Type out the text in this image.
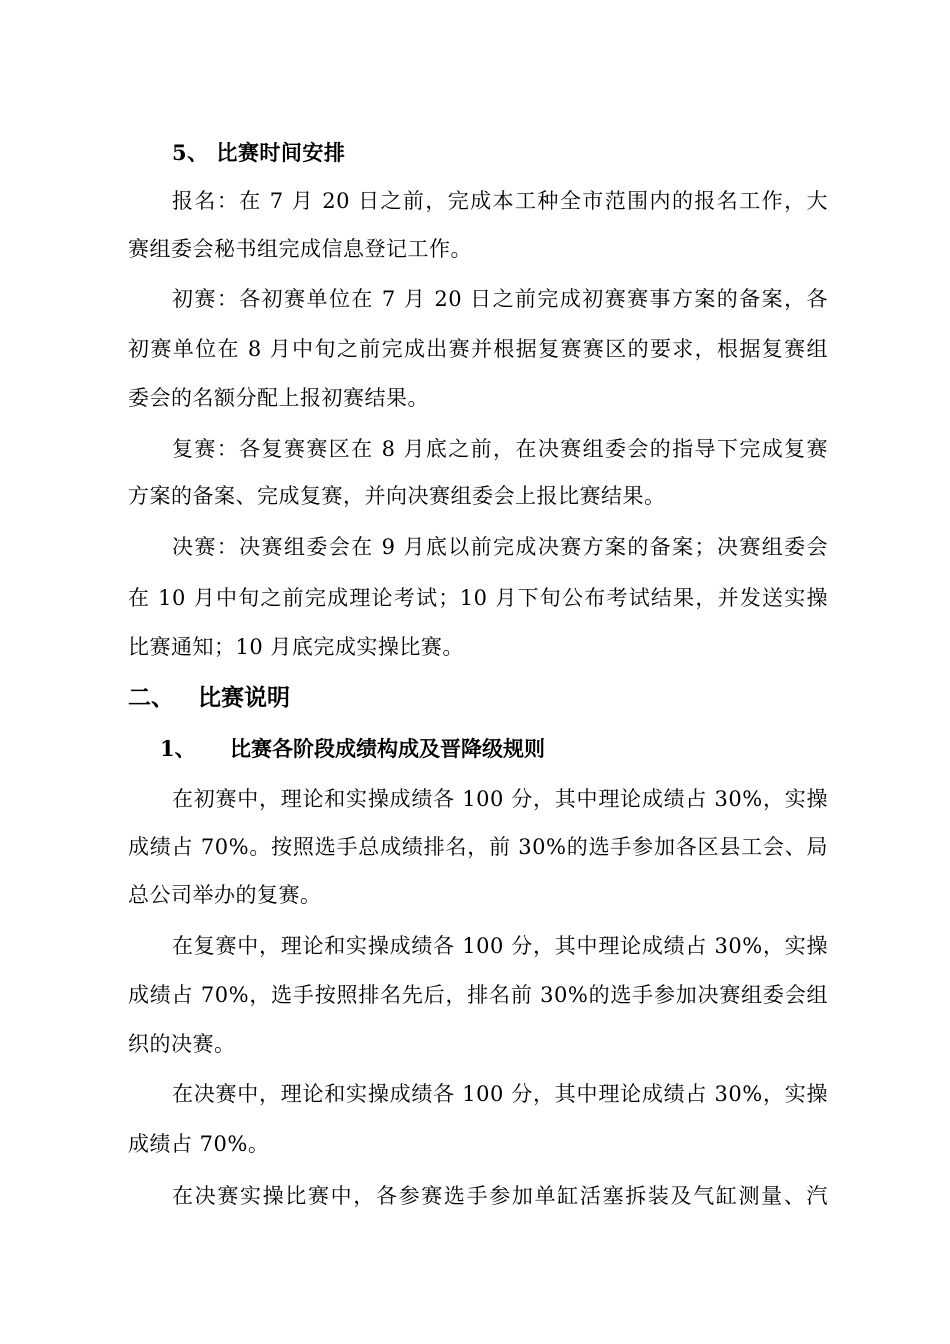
5、 比赛时间安排
报名：在 7 月 20 日之前，完成本工种全市范围内的报名工作，大
赛组委会秘书组完成信息登记工作。
初赛：各初赛单位在 7 月 20 日之前完成初赛赛事方案的备案，各
初赛单位在 8 月中旬之前完成出赛并根据复赛赛区的要求，根据复赛组
委会的名额分配上报初赛结果。
复赛：各复赛赛区在 8 月底之前，在决赛组委会的指导下完成复赛
方案的备案、完成复赛，并向决赛组委会上报比赛结果。
决赛：决赛组委会在 9 月底以前完成决赛方案的备案；决赛组委会
在 10 月中旬之前完成理论考试；10 月下旬公布考试结果，并发送实操
比赛通知；10 月底完成实操比赛。
二、 比赛说明
1、 比赛各阶段成绩构成及晋降级规则
在初赛中，理论和实操成绩各 100 分，其中理论成绩占 30%，实操
成绩占 70%。按照选手总成绩排名，前 30%的选手参加各区县工会、局
总公司举办的复赛。
在复赛中，理论和实操成绩各 100 分，其中理论成绩占 30%，实操
成绩占 70%，选手按照排名先后，排名前 30%的选手参加决赛组委会组
织的决赛。
在决赛中，理论和实操成绩各 100 分，其中理论成绩占 30%，实操
成绩占 70%。
在决赛实操比赛中，各参赛选手参加单缸活塞拆装及气缸测量、汽
